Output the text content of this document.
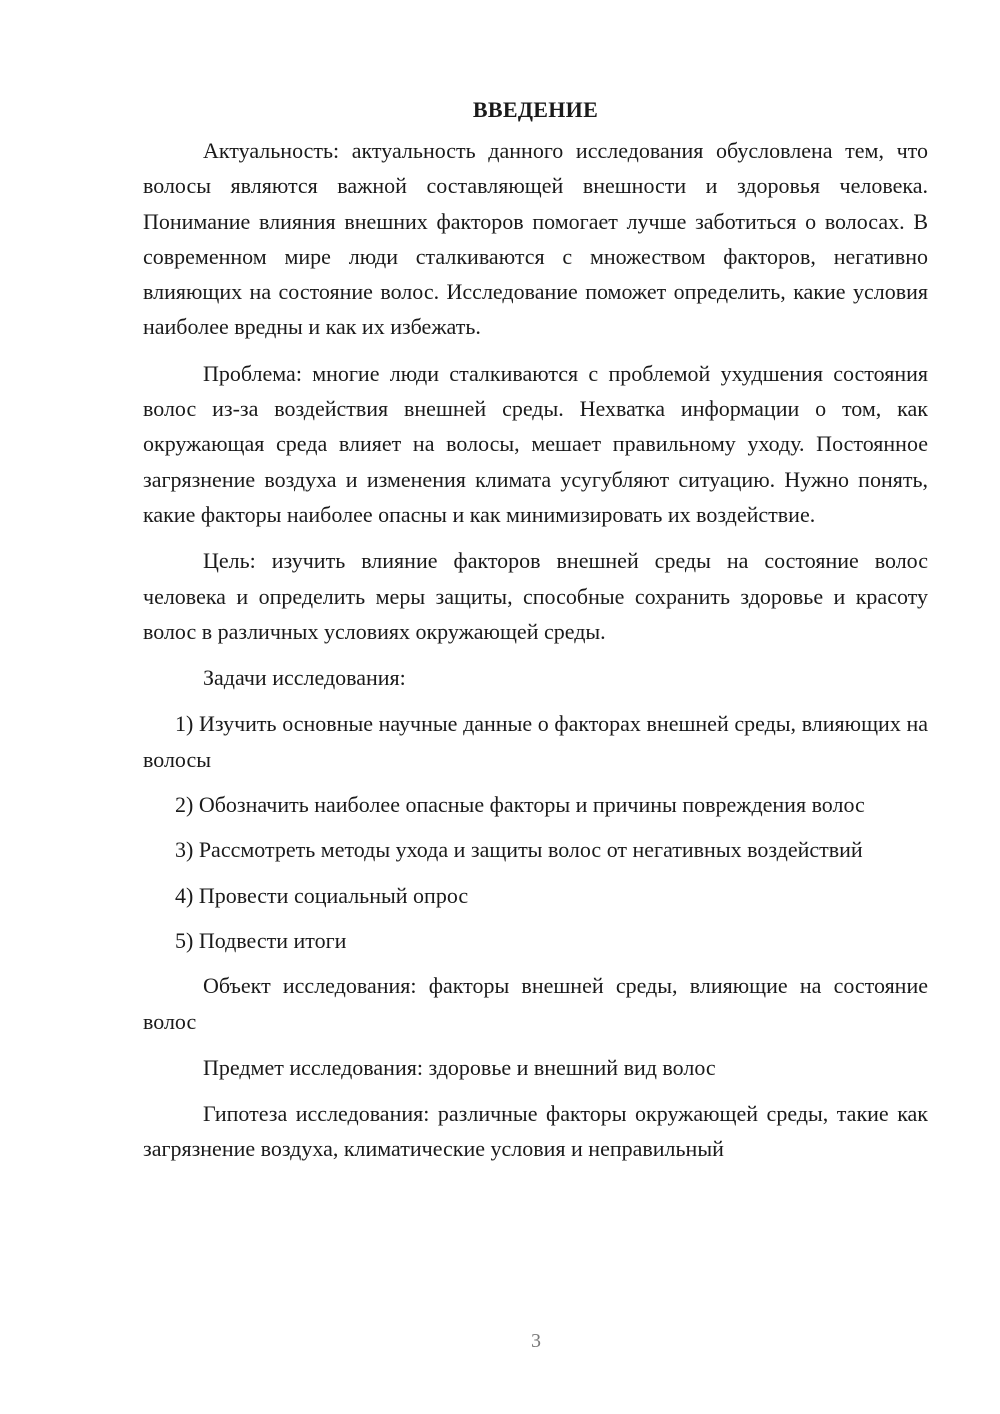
ВВЕДЕНИЕ

Актуальность: актуальность данного исследования обусловлена тем, что волосы являются важной составляющей внешности и здоровья человека. Понимание влияния внешних факторов помогает лучше заботиться о волосах. В современном мире люди сталкиваются с множеством факторов, негативно влияющих на состояние волос. Исследование поможет определить, какие условия наиболее вредны и как их избежать.

Проблема: многие люди сталкиваются с проблемой ухудшения состояния волос из-за воздействия внешней среды. Нехватка информации о том, как окружающая среда влияет на волосы, мешает правильному уходу. Постоянное загрязнение воздуха и изменения климата усугубляют ситуацию. Нужно понять, какие факторы наиболее опасны и как минимизировать их воздействие.

Цель: изучить влияние факторов внешней среды на состояние волос человека и определить меры защиты, способные сохранить здоровье и красоту волос в различных условиях окружающей среды.

Задачи исследования:

1) Изучить основные научные данные о факторах внешней среды, влияющих на волосы

2) Обозначить наиболее опасные факторы и причины повреждения волос

3) Рассмотреть методы ухода и защиты волос от негативных воздействий

4) Провести социальный опрос

5) Подвести итоги

Объект исследования: факторы внешней среды, влияющие на состояние волос

Предмет исследования: здоровье и внешний вид волос

Гипотеза исследования: различные факторы окружающей среды, такие как загрязнение воздуха, климатические условия и неправильный

3
